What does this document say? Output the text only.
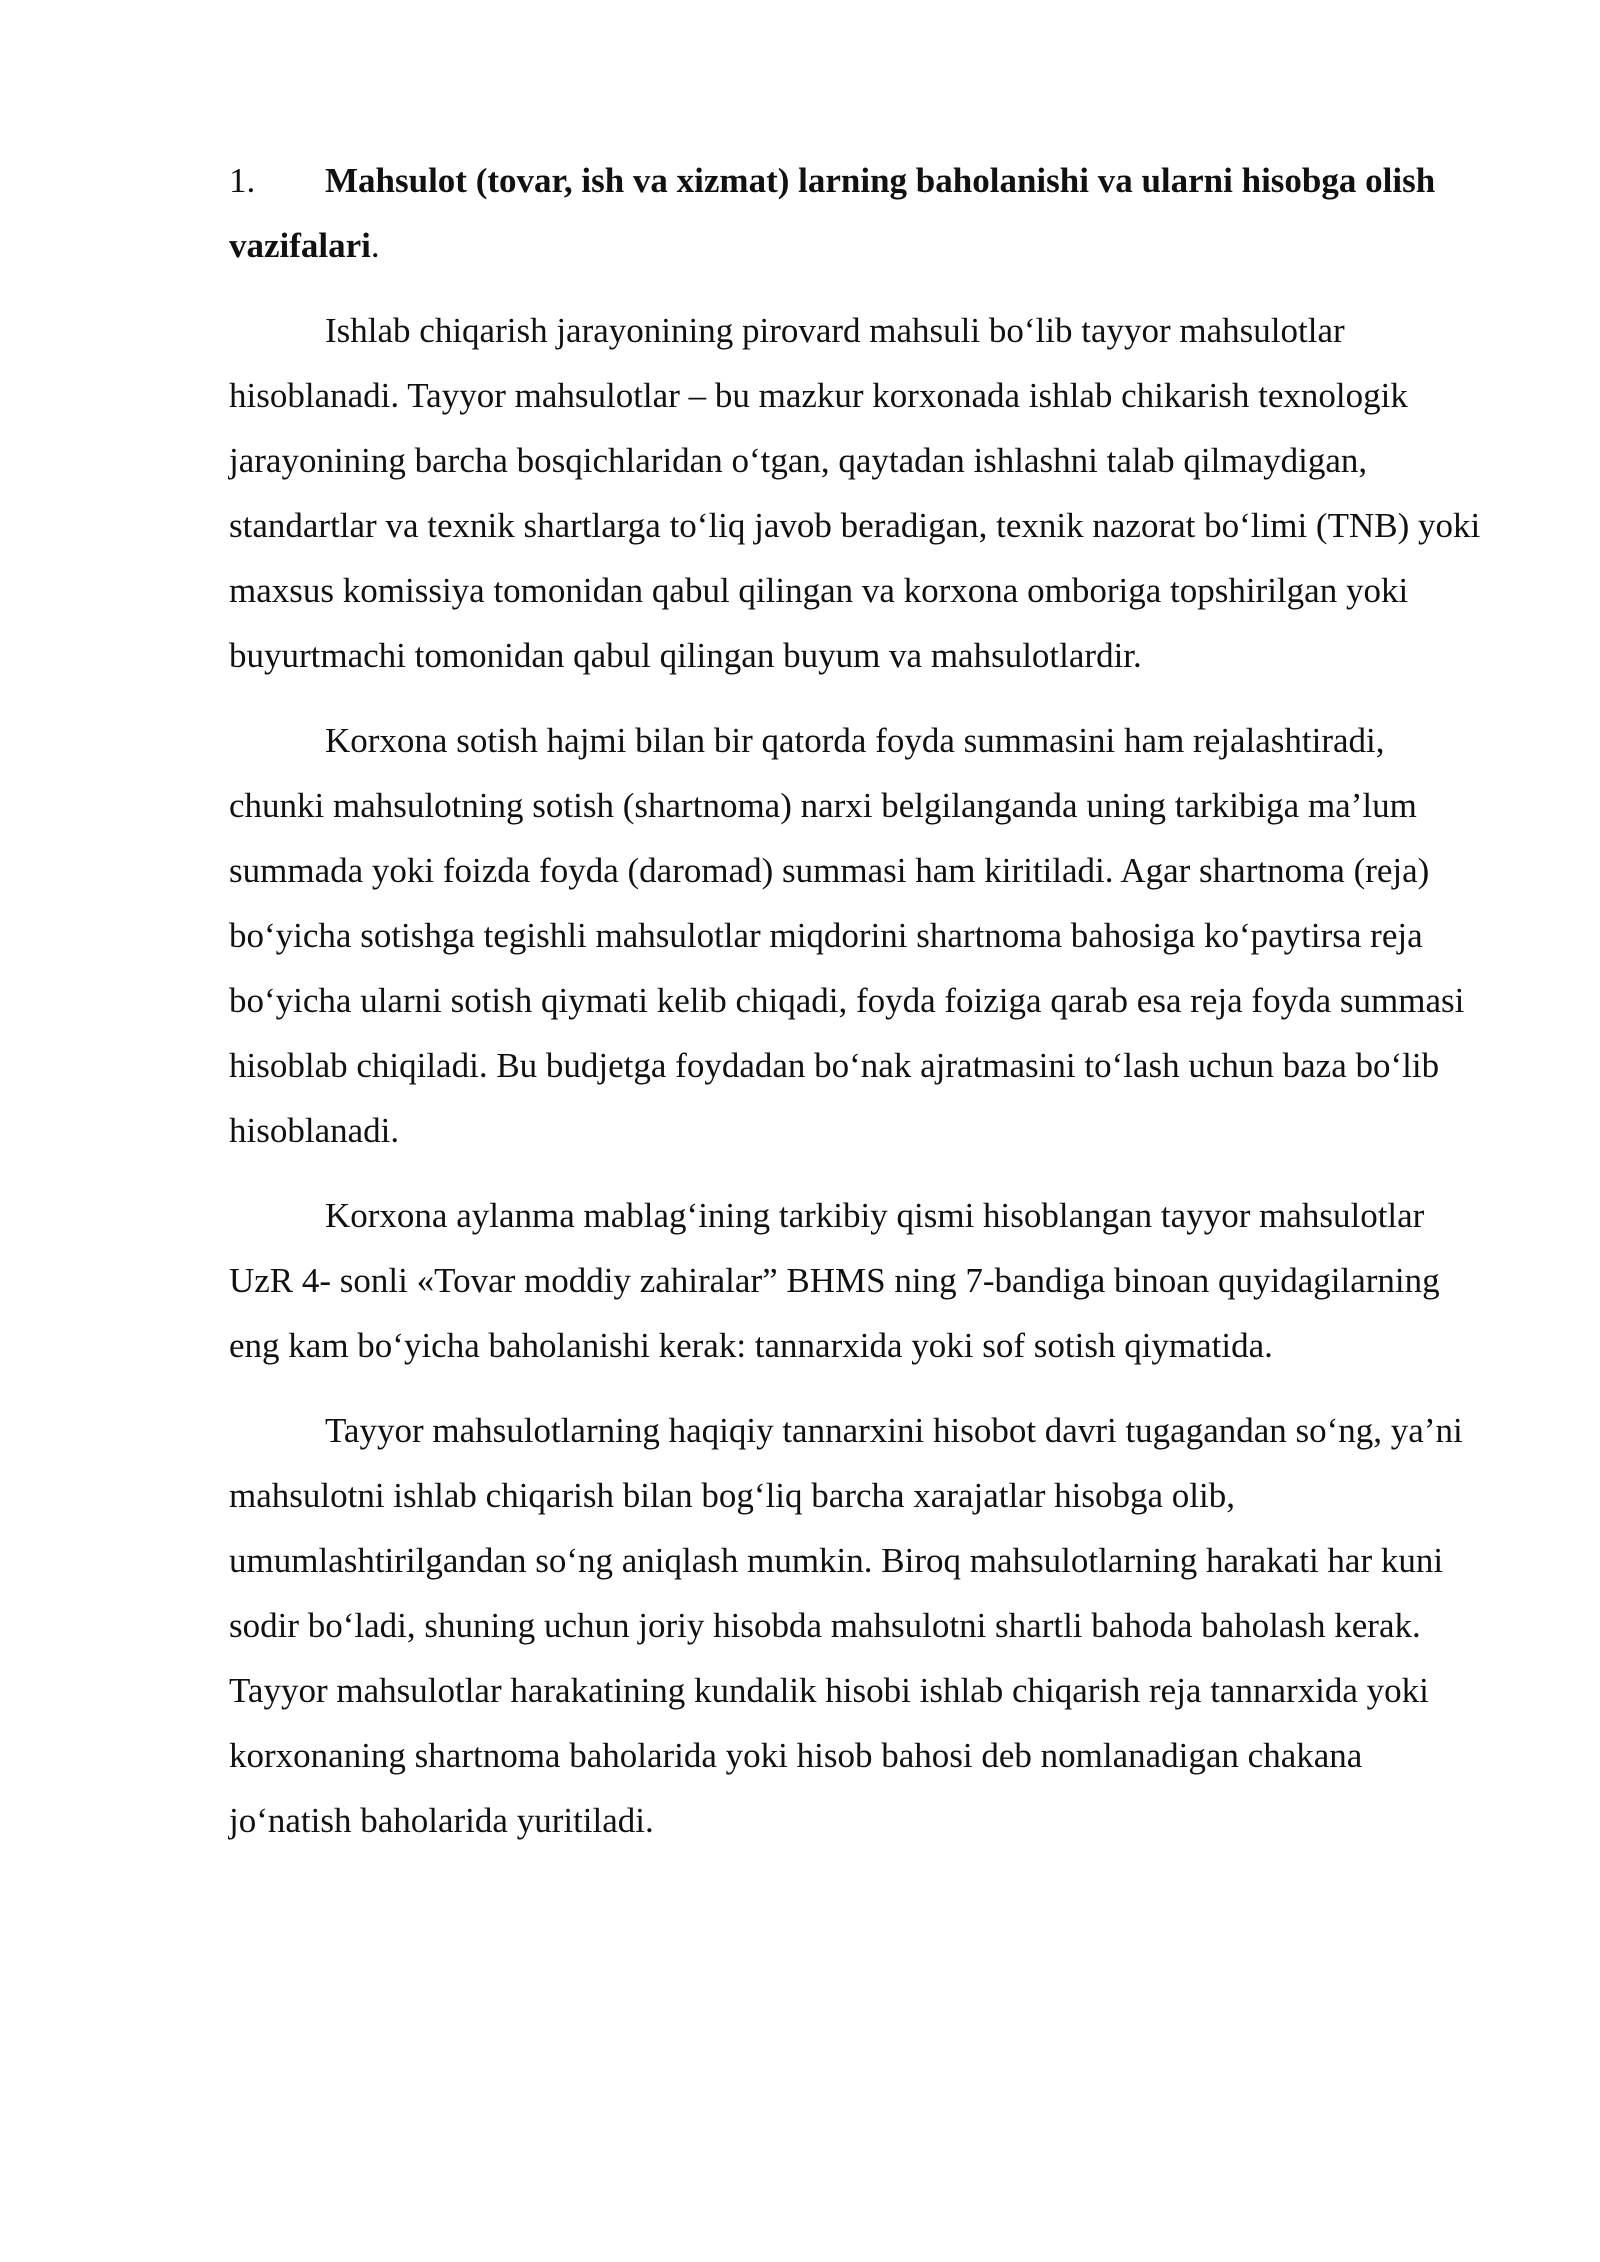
1. Mahsulot (tovar, ish va xizmat) larning baholanishi va ularni hisobga olish vazifalari.

Ishlab chiqarish jarayonining pirovard mahsuli bo‘lib tayyor mahsulotlar hisoblanadi. Tayyor mahsulotlar – bu mazkur korxonada ishlab chikarish texnologik jarayonining barcha bosqichlaridan o‘tgan, qaytadan ishlashni talab qilmaydigan, standartlar va texnik shartlarga to‘liq javob beradigan, texnik nazorat bo‘limi (TNB) yoki maxsus komissiya tomonidan qabul qilingan va korxona omboriga topshirilgan yoki buyurtmachi tomonidan qabul qilingan buyum va mahsulotlardir.

Korxona sotish hajmi bilan bir qatorda foyda summasini ham rejalashtiradi, chunki mahsulotning sotish (shartnoma) narxi belgilanganda uning tarkibiga ma’lum summada yoki foizda foyda (daromad) summasi ham kiritiladi. Agar shartnoma (reja) bo‘yicha sotishga tegishli mahsulotlar miqdorini shartnoma bahosiga ko‘paytirsa reja bo‘yicha ularni sotish qiymati kelib chiqadi, foyda foiziga qarab esa reja foyda summasi hisoblab chiqiladi. Bu budjetga foydadan bo‘nak ajratmasini to‘lash uchun baza bo‘lib hisoblanadi.

Korxona aylanma mablag‘ining tarkibiy qismi hisoblangan tayyor mahsulotlar UzR 4- sonli «Tovar moddiy zahiralar” BHMS ning 7-bandiga binoan quyidagilarning eng kam bo‘yicha baholanishi kerak: tannarxida yoki sof sotish qiymatida.

Tayyor mahsulotlarning haqiqiy tannarxini hisobot davri tugagandan so‘ng, ya’ni mahsulotni ishlab chiqarish bilan bog‘liq barcha xarajatlar hisobga olib, umumlashtirilgandan so‘ng aniqlash mumkin. Biroq mahsulotlarning harakati har kuni sodir bo‘ladi, shuning uchun joriy hisobda mahsulotni shartli bahoda baholash kerak. Tayyor mahsulotlar harakatining kundalik hisobi ishlab chiqarish reja tannarxida yoki korxonaning shartnoma baholarida yoki hisob bahosi deb nomlanadigan chakana jo‘natish baholarida yuritiladi.
